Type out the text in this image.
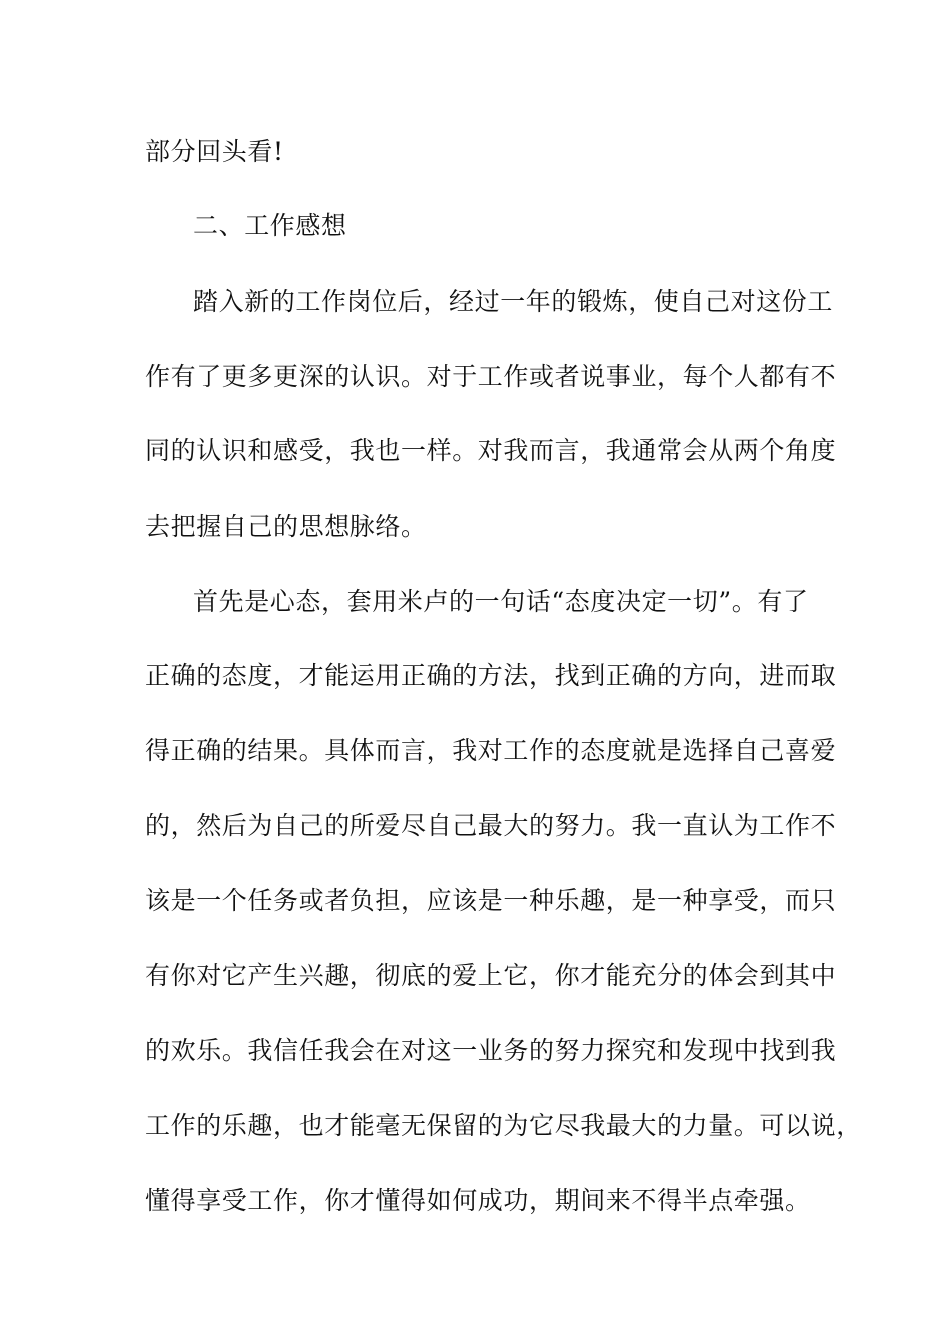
部分回头看!
二、工作感想
踏入新的工作岗位后，经过一年的锻炼，使自己对这份工
作有了更多更深的认识。对于工作或者说事业，每个人都有不
同的认识和感受，我也一样。对我而言，我通常会从两个角度
去把握自己的思想脉络。
首先是心态，套用米卢的一句话“态度决定一切”。有了
正确的态度，才能运用正确的方法，找到正确的方向，进而取
得正确的结果。具体而言，我对工作的态度就是选择自己喜爱
的，然后为自己的所爱尽自己最大的努力。我一直认为工作不
该是一个任务或者负担，应该是一种乐趣，是一种享受，而只
有你对它产生兴趣，彻底的爱上它，你才能充分的体会到其中
的欢乐。我信任我会在对这一业务的努力探究和发现中找到我
工作的乐趣，也才能毫无保留的为它尽我最大的力量。可以说，
懂得享受工作，你才懂得如何成功，期间来不得半点牵强。
